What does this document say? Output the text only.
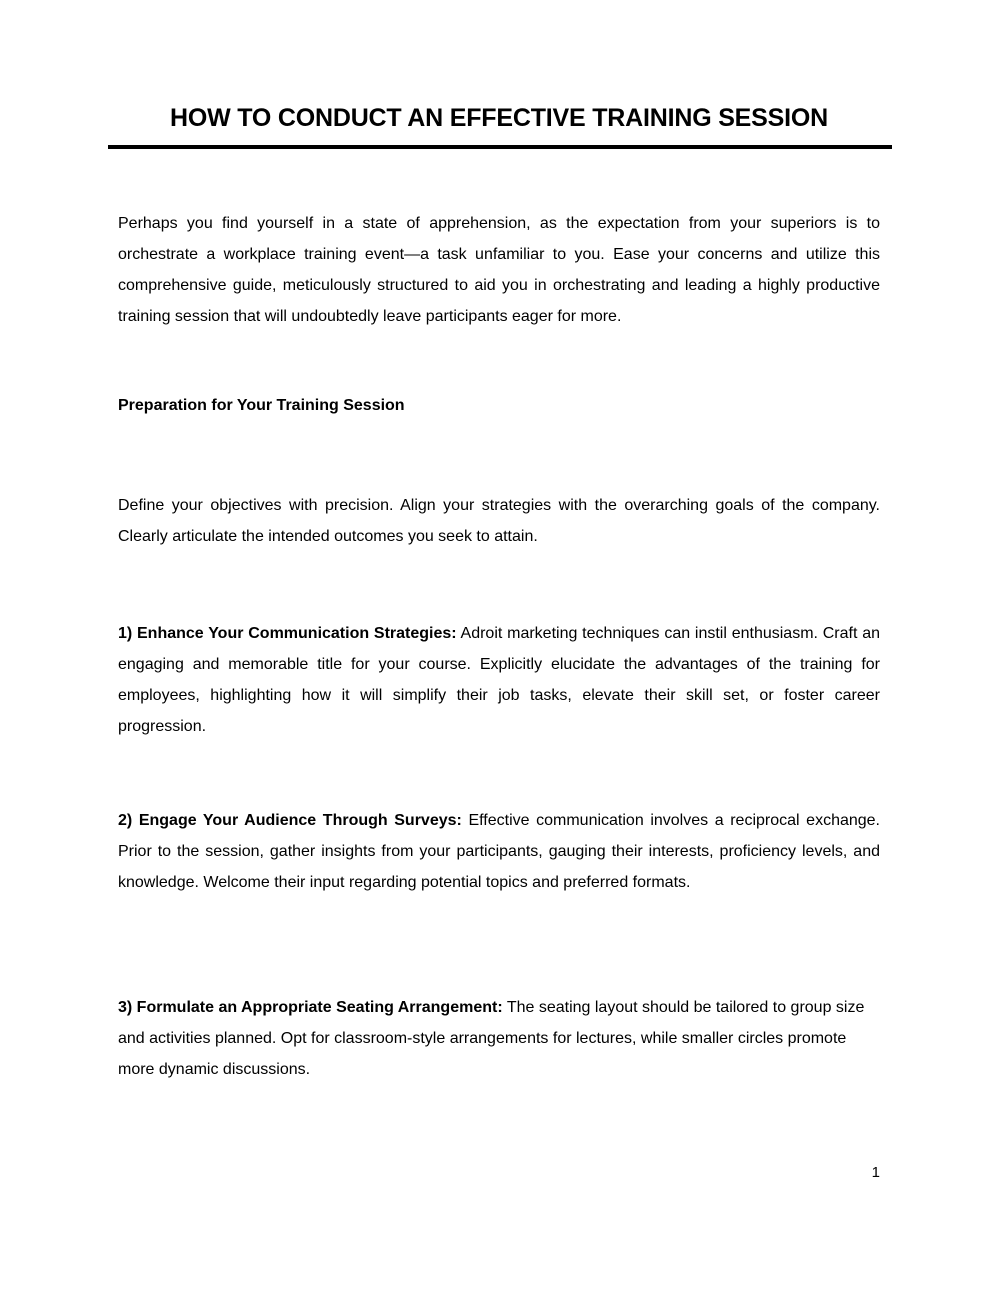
HOW TO CONDUCT AN EFFECTIVE TRAINING SESSION

Perhaps you find yourself in a state of apprehension, as the expectation from your superiors is to orchestrate a workplace training event—a task unfamiliar to you. Ease your concerns and utilize this comprehensive guide, meticulously structured to aid you in orchestrating and leading a highly productive training session that will undoubtedly leave participants eager for more.

Preparation for Your Training Session

Define your objectives with precision. Align your strategies with the overarching goals of the company. Clearly articulate the intended outcomes you seek to attain.

1) Enhance Your Communication Strategies: Adroit marketing techniques can instil enthusiasm. Craft an engaging and memorable title for your course. Explicitly elucidate the advantages of the training for employees, highlighting how it will simplify their job tasks, elevate their skill set, or foster career progression.

2) Engage Your Audience Through Surveys: Effective communication involves a reciprocal exchange. Prior to the session, gather insights from your participants, gauging their interests, proficiency levels, and knowledge. Welcome their input regarding potential topics and preferred formats.

3) Formulate an Appropriate Seating Arrangement: The seating layout should be tailored to group size and activities planned. Opt for classroom-style arrangements for lectures, while smaller circles promote more dynamic discussions.

1
